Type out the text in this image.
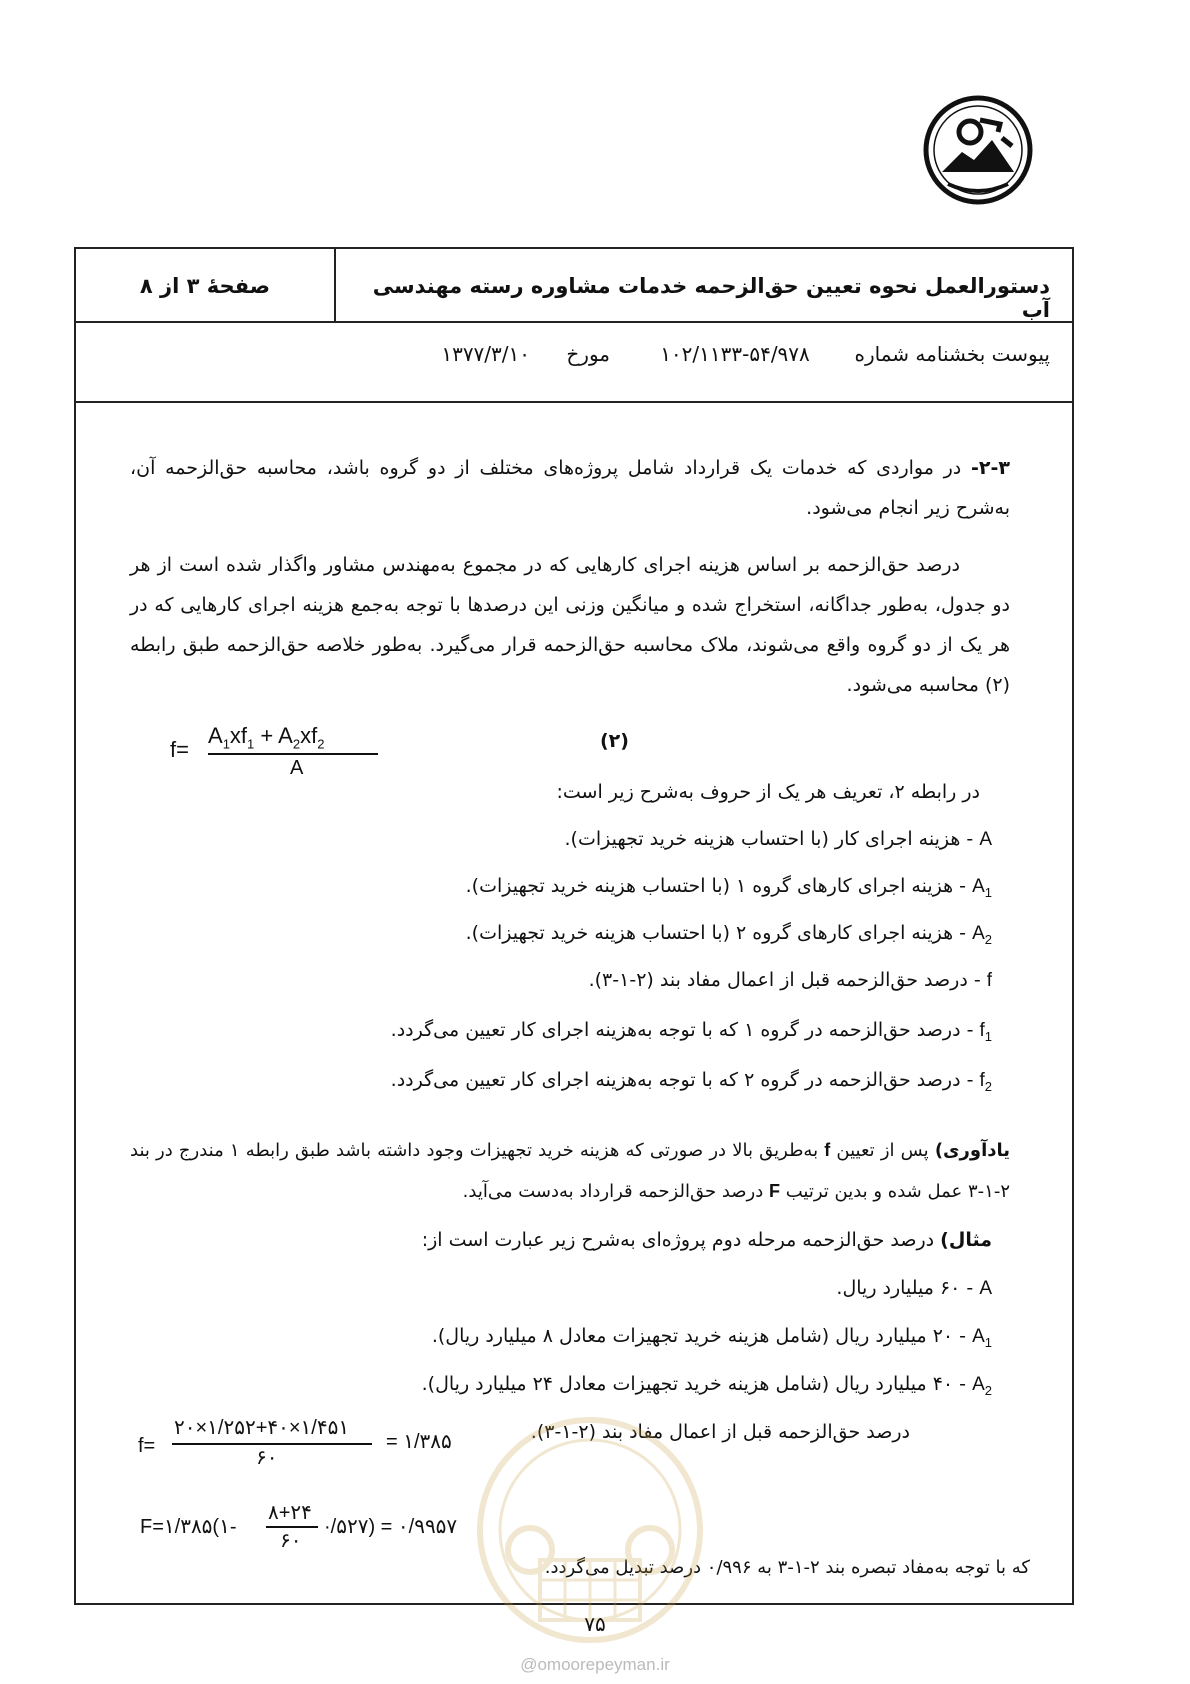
دستورالعمل نحوه تعیین حق‌الزحمه خدمات مشاوره رسته مهندسی آب
صفحهٔ ۳ از ۸
پیوست بخشنامه شماره
۱۰۲/۱۱۳۳-۵۴/۹۷۸
مورخ
۱۳۷۷/۳/۱۰
۲-۳- در مواردی که خدمات یک قرارداد شامل پروژه‌های مختلف از دو گروه باشد، محاسبه حق‌الزحمه آن، به‌شرح زیر انجام می‌شود.
درصد حق‌الزحمه بر اساس هزینه اجرای کارهایی که در مجموع به‌مهندس مشاور واگذار شده است از هر دو جدول، به‌طور جداگانه، استخراج شده و میانگین وزنی این درصدها با توجه به‌جمع هزینه اجرای کارهایی که در هر یک از دو گروه واقع می‌شوند، ملاک محاسبه حق‌الزحمه قرار می‌گیرد. به‌طور خلاصه حق‌الزحمه طبق رابطه (۲) محاسبه می‌شود.
f=
$A_1xf_1 + A_2xf_2$
A
(۲)
در رابطه ۲، تعریف هر یک از حروف به‌شرح زیر است:
A - هزینه اجرای کار (با احتساب هزینه خرید تجهیزات).
$A_1$ - هزینه اجرای کارهای گروه ۱ (با احتساب هزینه خرید تجهیزات).
$A_2$ - هزینه اجرای کارهای گروه ۲ (با احتساب هزینه خرید تجهیزات).
f - درصد حق‌الزحمه قبل از اعمال مفاد بند (۲-۱-۳).
$f_1$ - درصد حق‌الزحمه در گروه ۱ که با توجه به‌هزینه اجرای کار تعیین می‌گردد.
$f_2$ - درصد حق‌الزحمه در گروه ۲ که با توجه به‌هزینه اجرای کار تعیین می‌گردد.
یادآوری) پس از تعیین f به‌طریق بالا در صورتی که هزینه خرید تجهیزات وجود داشته باشد طبق رابطه ۱ مندرج در بند ۲-۱-۳ عمل شده و بدین ترتیب F درصد حق‌الزحمه قرارداد به‌دست می‌آید.
مثال) درصد حق‌الزحمه مرحله دوم پروژه‌ای به‌شرح زیر عبارت است از:
A - ۶۰ میلیارد ریال.
$A_1$ - ۲۰ میلیارد ریال (شامل هزینه خرید تجهیزات معادل ۸ میلیارد ریال).
$A_2$ - ۴۰ میلیارد ریال (شامل هزینه خرید تجهیزات معادل ۲۴ میلیارد ریال).
درصد حق‌الزحمه قبل از اعمال مفاد بند (۲-۱-۳).
f=
۲۰×۱/۲۵۲+۴۰×۱/۴۵۱
۶۰
= ۱/۳۸۵
F=۱/۳۸۵(۱-
۸+۲۴
۶۰
·/۵۲۷) = ۰/۹۹۵۷
که با توجه به‌مفاد تبصره بند ۲-۱-۳ به ۰/۹۹۶ درصد تبدیل می‌گردد.
۷۵
@omoorepeyman.ir
